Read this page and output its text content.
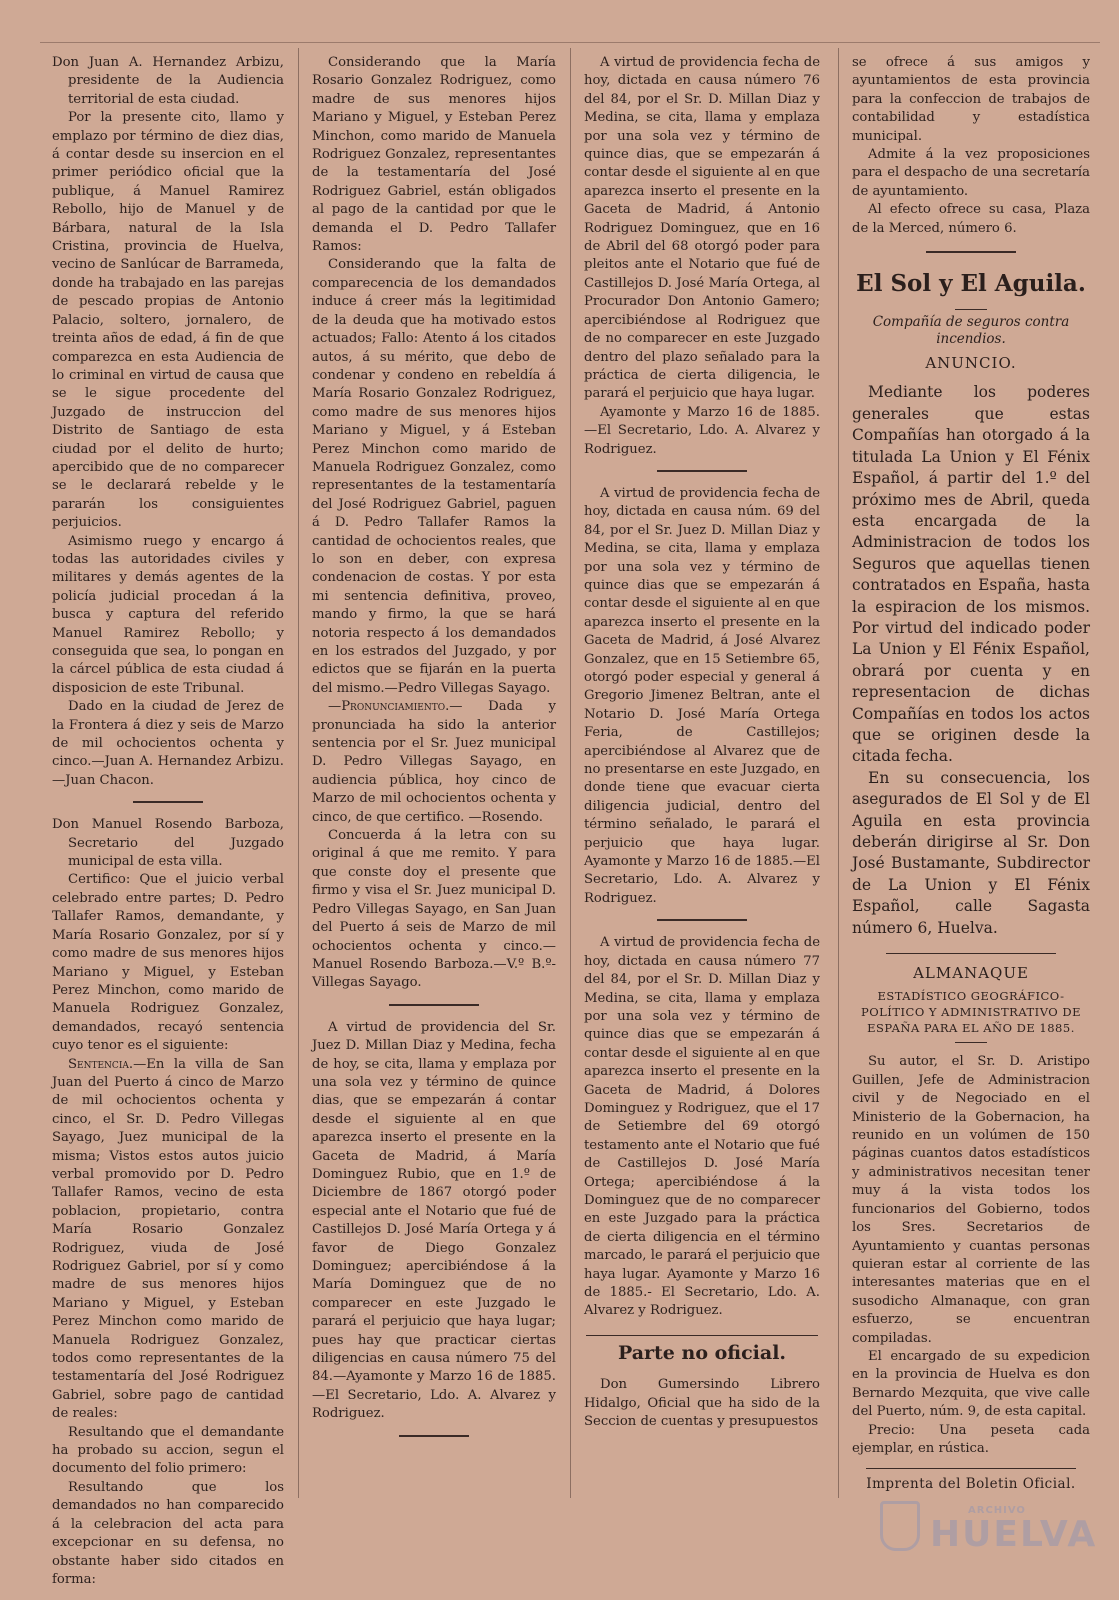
Don Juan A. Hernandez Arbizu, presidente de la Audiencia territorial de esta ciudad.

Por la presente cito, llamo y emplazo por término de diez dias, á contar desde su insercion en el primer periódico oficial que la publique, á Manuel Ramirez Rebollo, hijo de Manuel y de Bárbara, natural de la Isla Cristina, provincia de Huelva, vecino de Sanlúcar de Barrameda, donde ha trabajado en las parejas de pescado propias de Antonio Palacio, soltero, jornalero, de treinta años de edad, á fin de que comparezca en esta Audiencia de lo criminal en virtud de causa que se le sigue procedente del Juzgado de instruccion del Distrito de Santiago de esta ciudad por el delito de hurto; apercibido que de no comparecer se le declarará rebelde y le pararán los consiguientes perjuicios.

Asimismo ruego y encargo á todas las autoridades civiles y militares y demás agentes de la policía judicial procedan á la busca y captura del referido Manuel Ramirez Rebollo; y conseguida que sea, lo pongan en la cárcel pública de esta ciudad á disposicion de este Tribunal.

Dado en la ciudad de Jerez de la Frontera á diez y seis de Marzo de mil ochocientos ochenta y cinco.—Juan A. Hernandez Arbizu.—Juan Chacon.

Don Manuel Rosendo Barboza, Secretario del Juzgado municipal de esta villa.

Certifico: Que el juicio verbal celebrado entre partes; D. Pedro Tallafer Ramos, demandante, y María Rosario Gonzalez, por sí y como madre de sus menores hijos Mariano y Miguel, y Esteban Perez Minchon, como marido de Manuela Rodriguez Gonzalez, demandados, recayó sentencia cuyo tenor es el siguiente:

Sentencia.—En la villa de San Juan del Puerto á cinco de Marzo de mil ochocientos ochenta y cinco, el Sr. D. Pedro Villegas Sayago, Juez municipal de la misma; Vistos estos autos juicio verbal promovido por D. Pedro Tallafer Ramos, vecino de esta poblacion, propietario, contra María Rosario Gonzalez Rodriguez, viuda de José Rodriguez Gabriel, por sí y como madre de sus menores hijos Mariano y Miguel, y Esteban Perez Minchon como marido de Manuela Rodriguez Gonzalez, todos como representantes de la testamentaría del José Rodriguez Gabriel, sobre pago de cantidad de reales:

Resultando que el demandante ha probado su accion, segun el documento del folio primero:

Resultando que los demandados no han comparecido á la celebracion del acta para excepcionar en su defensa, no obstante haber sido citados en forma:

Considerando que la María Rosario Gonzalez Rodriguez, como madre de sus menores hijos Mariano y Miguel, y Esteban Perez Minchon, como marido de Manuela Rodriguez Gonzalez, representantes de la testamentaría del José Rodriguez Gabriel, están obligados al pago de la cantidad por que le demanda el D. Pedro Tallafer Ramos:

Considerando que la falta de comparecencia de los demandados induce á creer más la legitimidad de la deuda que ha motivado estos actuados; Fallo: Atento á los citados autos, á su mérito, que debo de condenar y condeno en rebeldía á María Rosario Gonzalez Rodriguez, como madre de sus menores hijos Mariano y Miguel, y á Esteban Perez Minchon como marido de Manuela Rodriguez Gonzalez, como representantes de la testamentaría del José Rodriguez Gabriel, paguen á D. Pedro Tallafer Ramos la cantidad de ochocientos reales, que lo son en deber, con expresa condenacion de costas. Y por esta mi sentencia definitiva, proveo, mando y firmo, la que se hará notoria respecto á los demandados en los estrados del Juzgado, y por edictos que se fijarán en la puerta del mismo.—Pedro Villegas Sayago.

—Pronunciamiento.— Dada y pronunciada ha sido la anterior sentencia por el Sr. Juez municipal D. Pedro Villegas Sayago, en audiencia pública, hoy cinco de Marzo de mil ochocientos ochenta y cinco, de que certifico. —Rosendo.

Concuerda á la letra con su original á que me remito. Y para que conste doy el presente que firmo y visa el Sr. Juez municipal D. Pedro Villegas Sayago, en San Juan del Puerto á seis de Marzo de mil ochocientos ochenta y cinco.—Manuel Rosendo Barboza.—V.º B.º-Villegas Sayago.

A virtud de providencia del Sr. Juez D. Millan Diaz y Medina, fecha de hoy, se cita, llama y emplaza por una sola vez y término de quince dias, que se empezarán á contar desde el siguiente al en que aparezca inserto el presente en la Gaceta de Madrid, á María Dominguez Rubio, que en 1.º de Diciembre de 1867 otorgó poder especial ante el Notario que fué de Castillejos D. José María Ortega y á favor de Diego Gonzalez Dominguez; apercibiéndose á la María Dominguez que de no comparecer en este Juzgado le parará el perjuicio que haya lugar; pues hay que practicar ciertas diligencias en causa número 75 del 84.—Ayamonte y Marzo 16 de 1885.—El Secretario, Ldo. A. Alvarez y Rodriguez.

A virtud de providencia fecha de hoy, dictada en causa número 76 del 84, por el Sr. D. Millan Diaz y Medina, se cita, llama y emplaza por una sola vez y término de quince dias, que se empezarán á contar desde el siguiente al en que aparezca inserto el presente en la Gaceta de Madrid, á Antonio Rodriguez Dominguez, que en 16 de Abril del 68 otorgó poder para pleitos ante el Notario que fué de Castillejos D. José María Ortega, al Procurador Don Antonio Gamero; apercibiéndose al Rodriguez que de no comparecer en este Juzgado dentro del plazo señalado para la práctica de cierta diligencia, le parará el perjuicio que haya lugar.

Ayamonte y Marzo 16 de 1885.—El Secretario, Ldo. A. Alvarez y Rodriguez.

A virtud de providencia fecha de hoy, dictada en causa núm. 69 del 84, por el Sr. Juez D. Millan Diaz y Medina, se cita, llama y emplaza por una sola vez y término de quince dias que se empezarán á contar desde el siguiente al en que aparezca inserto el presente en la Gaceta de Madrid, á José Alvarez Gonzalez, que en 15 Setiembre 65, otorgó poder especial y general á Gregorio Jimenez Beltran, ante el Notario D. José María Ortega Feria, de Castillejos; apercibiéndose al Alvarez que de no presentarse en este Juzgado, en donde tiene que evacuar cierta diligencia judicial, dentro del término señalado, le parará el perjuicio que haya lugar. Ayamonte y Marzo 16 de 1885.—El Secretario, Ldo. A. Alvarez y Rodriguez.

A virtud de providencia fecha de hoy, dictada en causa número 77 del 84, por el Sr. D. Millan Diaz y Medina, se cita, llama y emplaza por una sola vez y término de quince dias que se empezarán á contar desde el siguiente al en que aparezca inserto el presente en la Gaceta de Madrid, á Dolores Dominguez y Rodriguez, que el 17 de Setiembre del 69 otorgó testamento ante el Notario que fué de Castillejos D. José María Ortega; apercibiéndose á la Dominguez que de no comparecer en este Juzgado para la práctica de cierta diligencia en el término marcado, le parará el perjuicio que haya lugar. Ayamonte y Marzo 16 de 1885.- El Secretario, Ldo. A. Alvarez y Rodriguez.

Parte no oficial.

Don Gumersindo Librero Hidalgo, Oficial que ha sido de la Seccion de cuentas y presupuestos

se ofrece á sus amigos y ayuntamientos de esta provincia para la confeccion de trabajos de contabilidad y estadística municipal.

Admite á la vez proposiciones para el despacho de una secretaría de ayuntamiento.

Al efecto ofrece su casa, Plaza de la Merced, número 6.

El Sol y El Aguila.
Compañía de seguros contra incendios.
ANUNCIO.

Mediante los poderes generales que estas Compañías han otorgado á la titulada La Union y El Fénix Español, á partir del 1.º del próximo mes de Abril, queda esta encargada de la Administracion de todos los Seguros que aquellas tienen contratados en España, hasta la espiracion de los mismos. Por virtud del indicado poder La Union y El Fénix Español, obrará por cuenta y en representacion de dichas Compañías en todos los actos que se originen desde la citada fecha.

En su consecuencia, los asegurados de El Sol y de El Aguila en esta provincia deberán dirigirse al Sr. Don José Bustamante, Subdirector de La Union y El Fénix Español, calle Sagasta número 6, Huelva.

ALMANAQUE
ESTADÍSTICO GEOGRÁFICO-POLÍTICO Y ADMINISTRATIVO DE ESPAÑA PARA EL AÑO DE 1885.

Su autor, el Sr. D. Aristipo Guillen, Jefe de Administracion civil y de Negociado en el Ministerio de la Gobernacion, ha reunido en un volúmen de 150 páginas cuantos datos estadísticos y administrativos necesitan tener muy á la vista todos los funcionarios del Gobierno, todos los Sres. Secretarios de Ayuntamiento y cuantas personas quieran estar al corriente de las interesantes materias que en el susodicho Almanaque, con gran esfuerzo, se encuentran compiladas.

El encargado de su expedicion en la provincia de Huelva es don Bernardo Mezquita, que vive calle del Puerto, núm. 9, de esta capital.

Precio: Una peseta cada ejemplar, en rústica.

Imprenta del Boletin Oficial.
ARCHIVO
HUELVA
